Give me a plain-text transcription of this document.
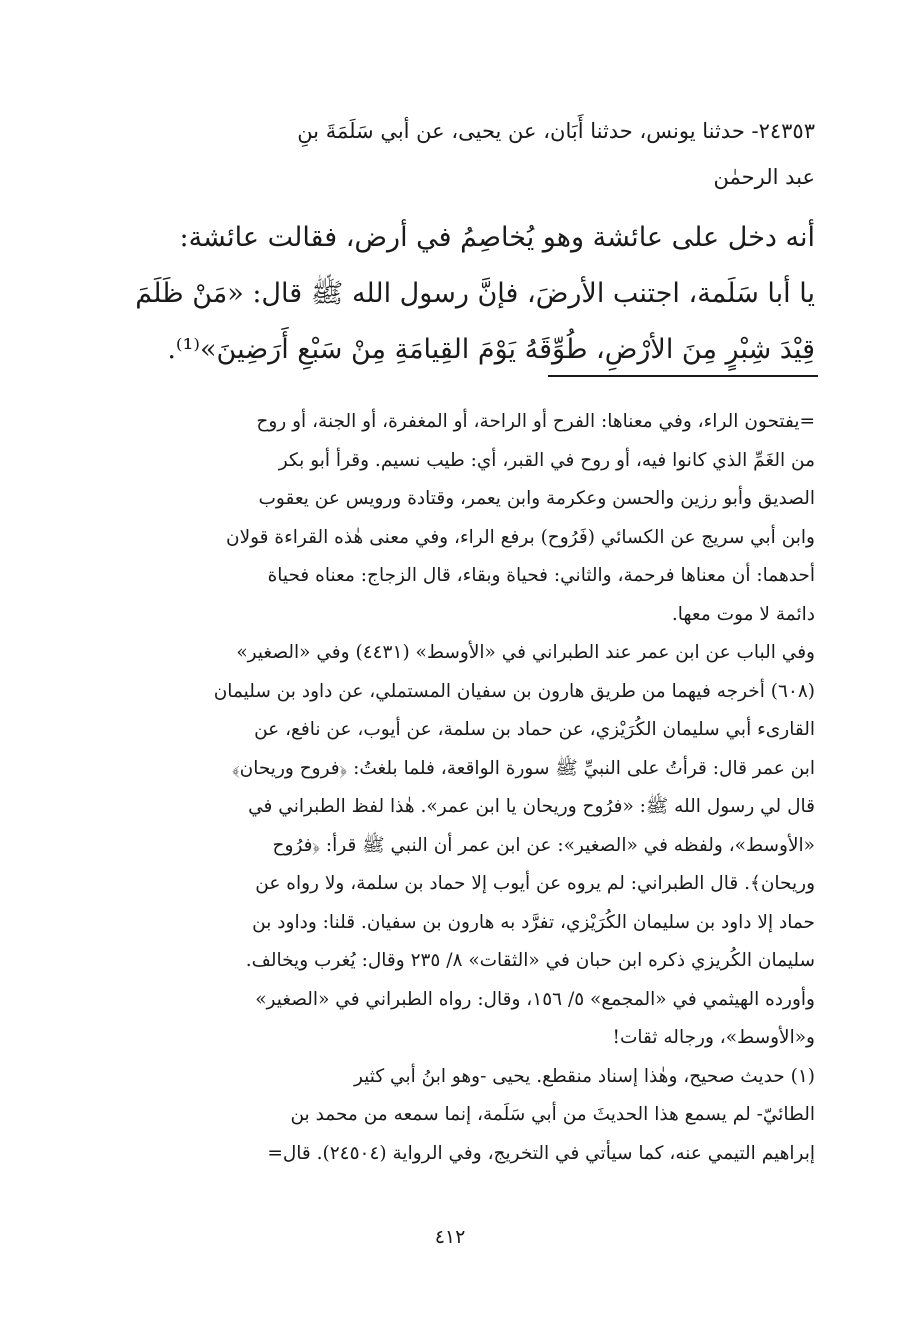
٢٤٣٥٣- حدثنا يونس، حدثنا أَبَان، عن يحيى، عن أبي سَلَمَةَ بنِ
عبد الرحمٰن
أنه دخل على عائشة وهو يُخاصِمُ في أرض، فقالت عائشة:
يا أبا سَلَمة، اجتنب الأرضَ، فإنَّ رسول الله ﷺ قال: «مَنْ ظَلَمَ
قِيْدَ شِبْرٍ مِنَ الأرْضِ، طُوِّقَهُ يَوْمَ القِيامَةِ مِنْ سَبْعِ أَرَضِينَ»⁽¹⁾.

=يفتحون الراء، وفي معناها: الفرح أو الراحة، أو المغفرة، أو الجنة، أو روح
من الغَمِّ الذي كانوا فيه، أو روح في القبر، أي: طيب نسيم. وقرأ أبو بكر
الصديق وأبو رزين والحسن وعكرمة وابن يعمر، وقتادة ورويس عن يعقوب
وابن أبي سريج عن الكسائي (فَرُوح) برفع الراء، وفي معنى هٰذه القراءة قولان
أحدهما: أن معناها فرحمة، والثاني: فحياة وبقاء، قال الزجاج: معناه فحياة
دائمة لا موت معها.

وفي الباب عن ابن عمر عند الطبراني في «الأوسط» (٤٤٣١) وفي «الصغير»
(٦٠٨) أخرجه فيهما من طريق هارون بن سفيان المستملي، عن داود بن سليمان
القارىء أبي سليمان الكُرَيْزي، عن حماد بن سلمة، عن أيوب، عن نافع، عن
ابن عمر قال: قرأتُ على النبيِّ ﷺ سورة الواقعة، فلما بلغتُ: ﴿فروح وريحان﴾
قال لي رسول الله ﷺ: «فرُوح وريحان يا ابن عمر». هٰذا لفظ الطبراني في
«الأوسط»، ولفظه في «الصغير»: عن ابن عمر أن النبي ﷺ قرأ: ﴿فرُوح
وريحان﴾. قال الطبراني: لم يروه عن أيوب إلا حماد بن سلمة، ولا رواه عن
حماد إلا داود بن سليمان الكُرَيْزي، تفرَّد به هارون بن سفيان. قلنا: وداود بن
سليمان الكُريزي ذكره ابن حبان في «الثقات» ٨/ ٢٣٥ وقال: يُغرب ويخالف.

وأورده الهيثمي في «المجمع» ٥/ ١٥٦، وقال: رواه الطبراني في «الصغير»
و«الأوسط»، ورجاله ثقات!

(١) حديث صحيح، وهٰذا إسناد منقطع. يحيى -وهو ابنُ أبي كثير
الطائيّ- لم يسمع هذا الحديثَ من أبي سَلَمة، إنما سمعه من محمد بن
إبراهيم التيمي عنه، كما سيأتي في التخريج، وفي الرواية (٢٤٥٠٤). قال=

٤١٢
